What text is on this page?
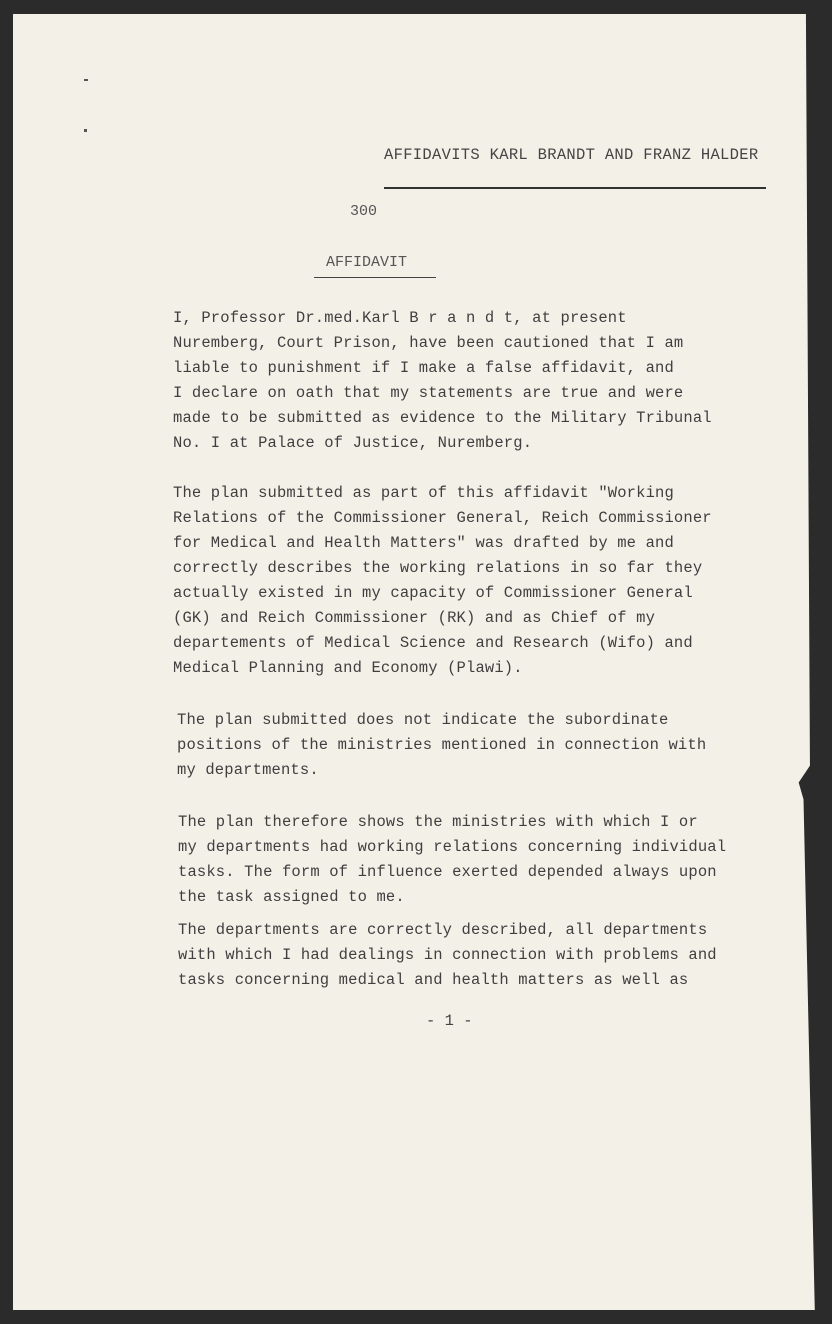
AFFIDAVITS KARL BRANDT AND FRANZ HALDER
300
AFFIDAVIT

I, Professor Dr.med.Karl B r a n d t, at present
Nuremberg, Court Prison, have been cautioned that I am
liable to punishment if I make a false affidavit, and
I declare on oath that my statements are true and were
made to be submitted as evidence to the Military Tribunal
No. I at Palace of Justice, Nuremberg.

The plan submitted as part of this affidavit "Working
Relations of the Commissioner General, Reich Commissioner
for Medical and Health Matters" was drafted by me and
correctly describes the working relations in so far they
actually existed in my capacity of Commissioner General
(GK) and Reich Commissioner (RK) and as Chief of my
departements of Medical Science and Research (Wifo) and
Medical Planning and Economy (Plawi).

The plan submitted does not indicate the subordinate
positions of the ministries mentioned in connection with
my departments.

The plan therefore shows the ministries with which I or
my departments had working relations concerning individual
tasks. The form of influence exerted depended always upon
the task assigned to me.

The departments are correctly described, all departments
with which I had dealings in connection with problems and
tasks concerning medical and health matters as well as

- 1 -
